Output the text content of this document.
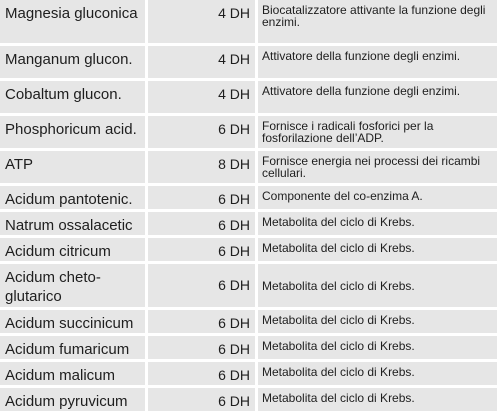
Magnesia gluconica	4 DH	Biocatalizzatore attivante la funzione degli enzimi.
Manganum glucon.	4 DH	Attivatore della funzione degli enzimi.
Cobaltum glucon.	4 DH	Attivatore della funzione degli enzimi.
Phosphoricum acid.	6 DH	Fornisce i radicali fosforici per la fosforilazione dell’ADP.
ATP	8 DH	Fornisce energia nei processi dei ricambi cellulari.
Acidum pantotenic.	6 DH	Componente del co-enzima A.
Natrum ossalacetic	6 DH	Metabolita del ciclo di Krebs.
Acidum citricum	6 DH	Metabolita del ciclo di Krebs.
Acidum cheto-glutarico	6 DH	Metabolita del ciclo di Krebs.
Acidum succinicum	6 DH	Metabolita del ciclo di Krebs.
Acidum fumaricum	6 DH	Metabolita del ciclo di Krebs.
Acidum malicum	6 DH	Metabolita del ciclo di Krebs.
Acidum pyruvicum	6 DH	Metabolita del ciclo di Krebs.
